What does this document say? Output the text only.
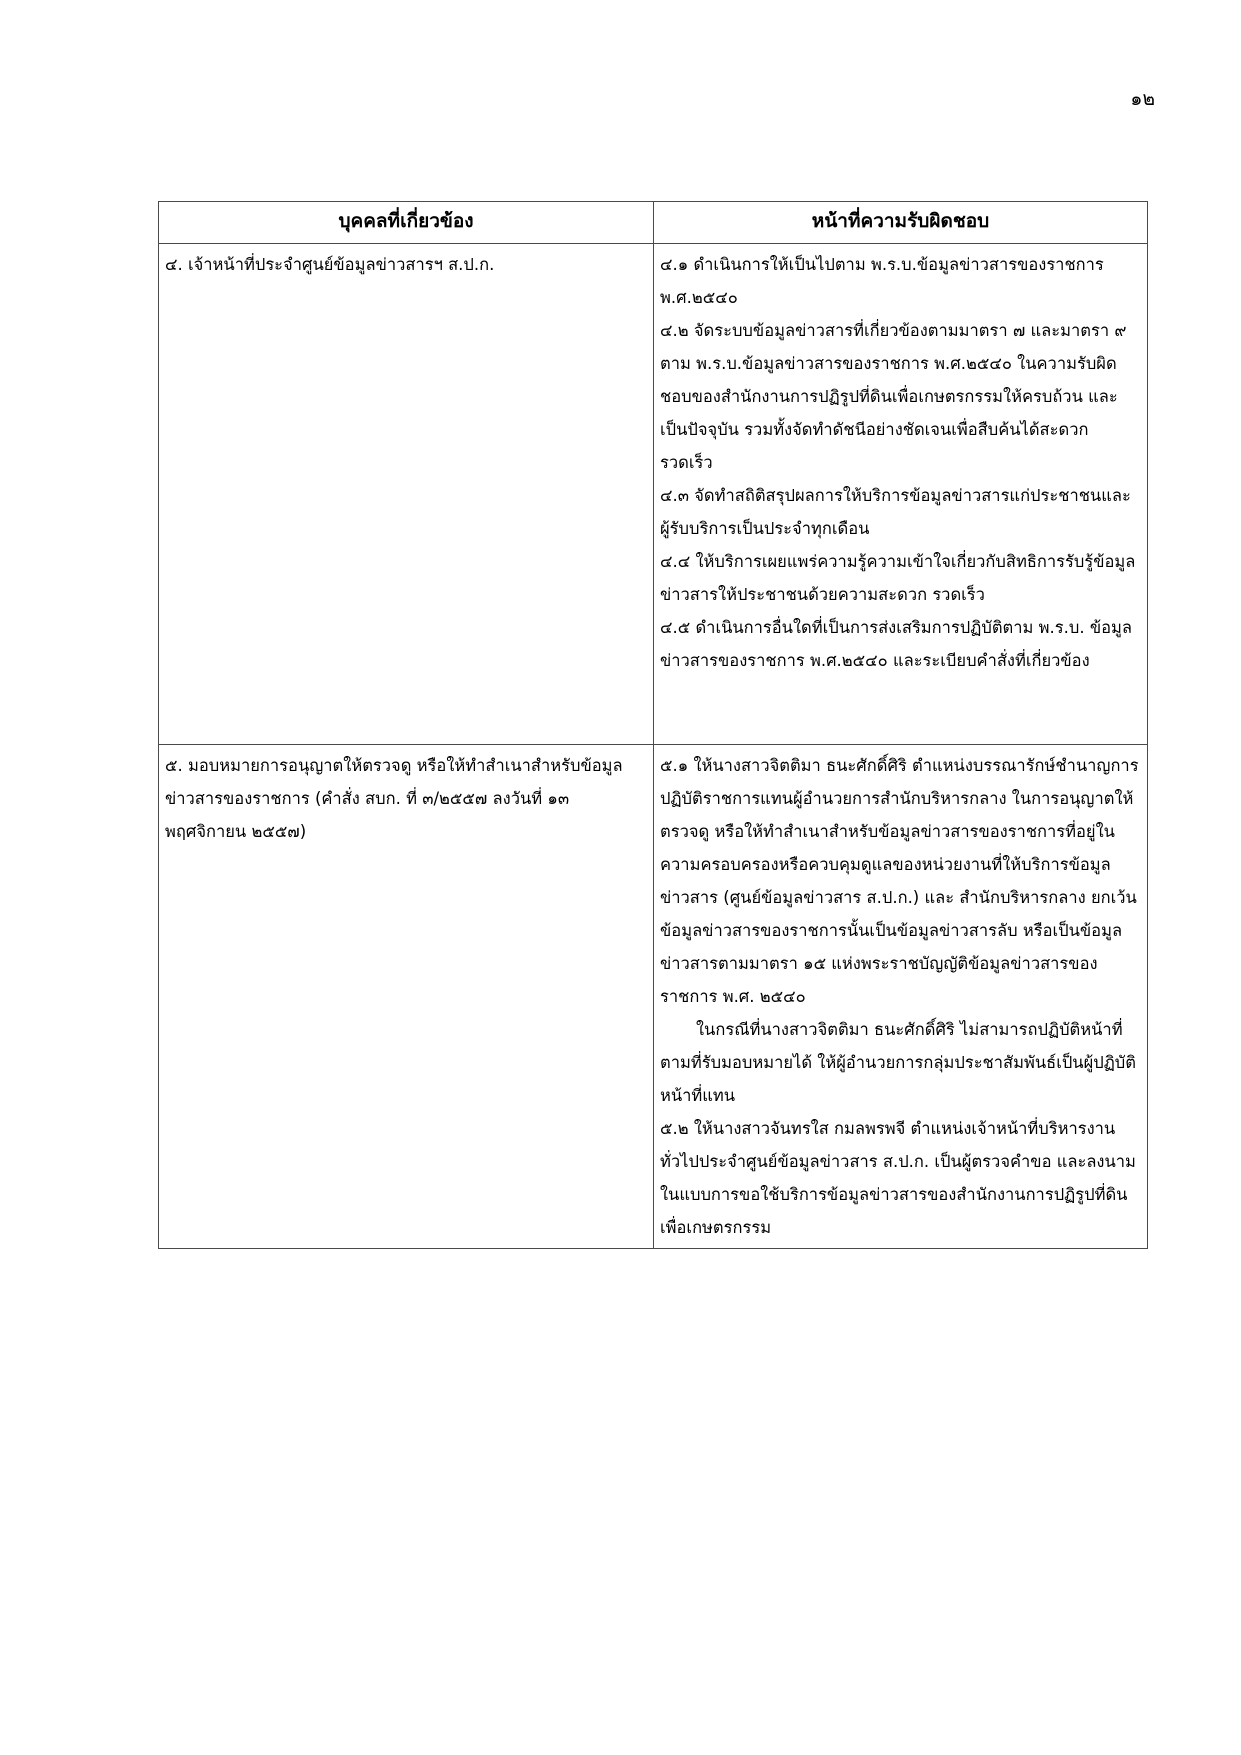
๑๒
บุคคลที่เกี่ยวข้อง	หน้าที่ความรับผิดชอบ

๔. เจ้าหน้าที่ประจำศูนย์ข้อมูลข่าวสารฯ ส.ป.ก.	๔.๑ ดำเนินการให้เป็นไปตาม พ.ร.บ.ข้อมูลข่าวสารของราชการ พ.ศ.๒๕๔๐
๔.๒ จัดระบบข้อมูลข่าวสารที่เกี่ยวข้องตามมาตรา ๗ และมาตรา ๙ ตาม พ.ร.บ.ข้อมูลข่าวสารของราชการ พ.ศ.๒๕๔๐ ในความรับผิดชอบของสำนักงานการปฏิรูปที่ดินเพื่อเกษตรกรรมให้ครบถ้วน และเป็นปัจจุบัน รวมทั้งจัดทำดัชนีอย่างชัดเจนเพื่อสืบค้นได้สะดวกรวดเร็ว
๔.๓ จัดทำสถิติสรุปผลการให้บริการข้อมูลข่าวสารแก่ประชาชนและผู้รับบริการเป็นประจำทุกเดือน
๔.๔ ให้บริการเผยแพร่ความรู้ความเข้าใจเกี่ยวกับสิทธิการรับรู้ข้อมูลข่าวสารให้ประชาชนด้วยความสะดวก รวดเร็ว
๔.๕ ดำเนินการอื่นใดที่เป็นการส่งเสริมการปฏิบัติตาม พ.ร.บ. ข้อมูลข่าวสารของราชการ พ.ศ.๒๕๔๐ และระเบียบคำสั่งที่เกี่ยวข้อง

๕. มอบหมายการอนุญาตให้ตรวจดู หรือให้ทำสำเนาสำหรับข้อมูลข่าวสารของราชการ (คำสั่ง สบก. ที่ ๓/๒๕๕๗ ลงวันที่ ๑๓ พฤศจิกายน ๒๕๕๗)	๕.๑ ให้นางสาวจิตติมา ธนะศักดิ์ศิริ ตำแหน่งบรรณารักษ์ชำนาญการ ปฏิบัติราชการแทนผู้อำนวยการสำนักบริหารกลาง ในการอนุญาตให้ตรวจดู หรือให้ทำสำเนาสำหรับข้อมูลข่าวสารของราชการที่อยู่ในความครอบครองหรือควบคุมดูแลของหน่วยงานที่ให้บริการข้อมูลข่าวสาร (ศูนย์ข้อมูลข่าวสาร ส.ป.ก.) และ สำนักบริหารกลาง ยกเว้นข้อมูลข่าวสารของราชการนั้นเป็นข้อมูลข่าวสารลับ หรือเป็นข้อมูลข่าวสารตามมาตรา ๑๕ แห่งพระราชบัญญัติข้อมูลข่าวสารของราชการ พ.ศ. ๒๕๔๐
ในกรณีที่นางสาวจิตติมา ธนะศักดิ์ศิริ ไม่สามารถปฏิบัติหน้าที่ตามที่รับมอบหมายได้ ให้ผู้อำนวยการกลุ่มประชาสัมพันธ์เป็นผู้ปฏิบัติหน้าที่แทน
๕.๒ ให้นางสาวจันทรใส กมลพรพจี ตำแหน่งเจ้าหน้าที่บริหารงานทั่วไปประจำศูนย์ข้อมูลข่าวสาร ส.ป.ก. เป็นผู้ตรวจคำขอ และลงนามในแบบการขอใช้บริการข้อมูลข่าวสารของสำนักงานการปฏิรูปที่ดินเพื่อเกษตรกรรม
